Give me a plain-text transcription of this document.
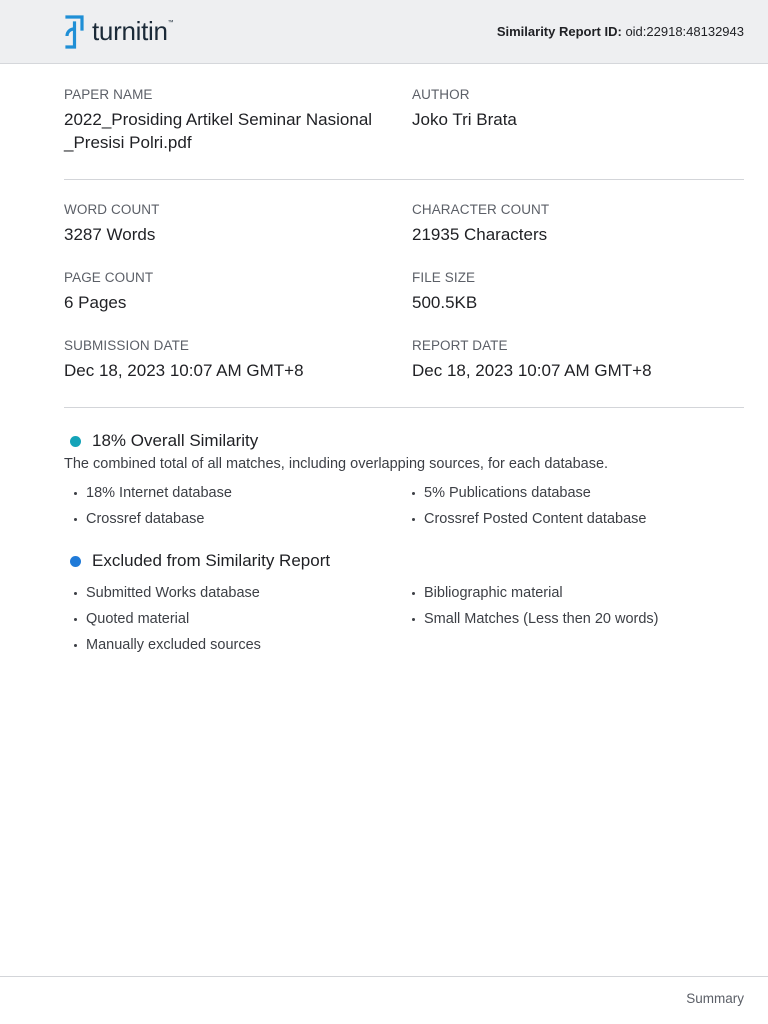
turnitin ™
Similarity Report ID: oid:22918:48132943
PAPER NAME
2022_Prosiding Artikel Seminar Nasional
_Presisi Polri.pdf
AUTHOR
Joko Tri Brata
WORD COUNT
3287 Words
CHARACTER COUNT
21935 Characters
PAGE COUNT
6 Pages
FILE SIZE
500.5KB
SUBMISSION DATE
Dec 18, 2023 10:07 AM GMT+8
REPORT DATE
Dec 18, 2023 10:07 AM GMT+8
18% Overall Similarity
The combined total of all matches, including overlapping sources, for each database.
18% Internet database
Crossref database
5% Publications database
Crossref Posted Content database
Excluded from Similarity Report
Submitted Works database
Quoted material
Manually excluded sources
Bibliographic material
Small Matches (Less then 20 words)
Summary
